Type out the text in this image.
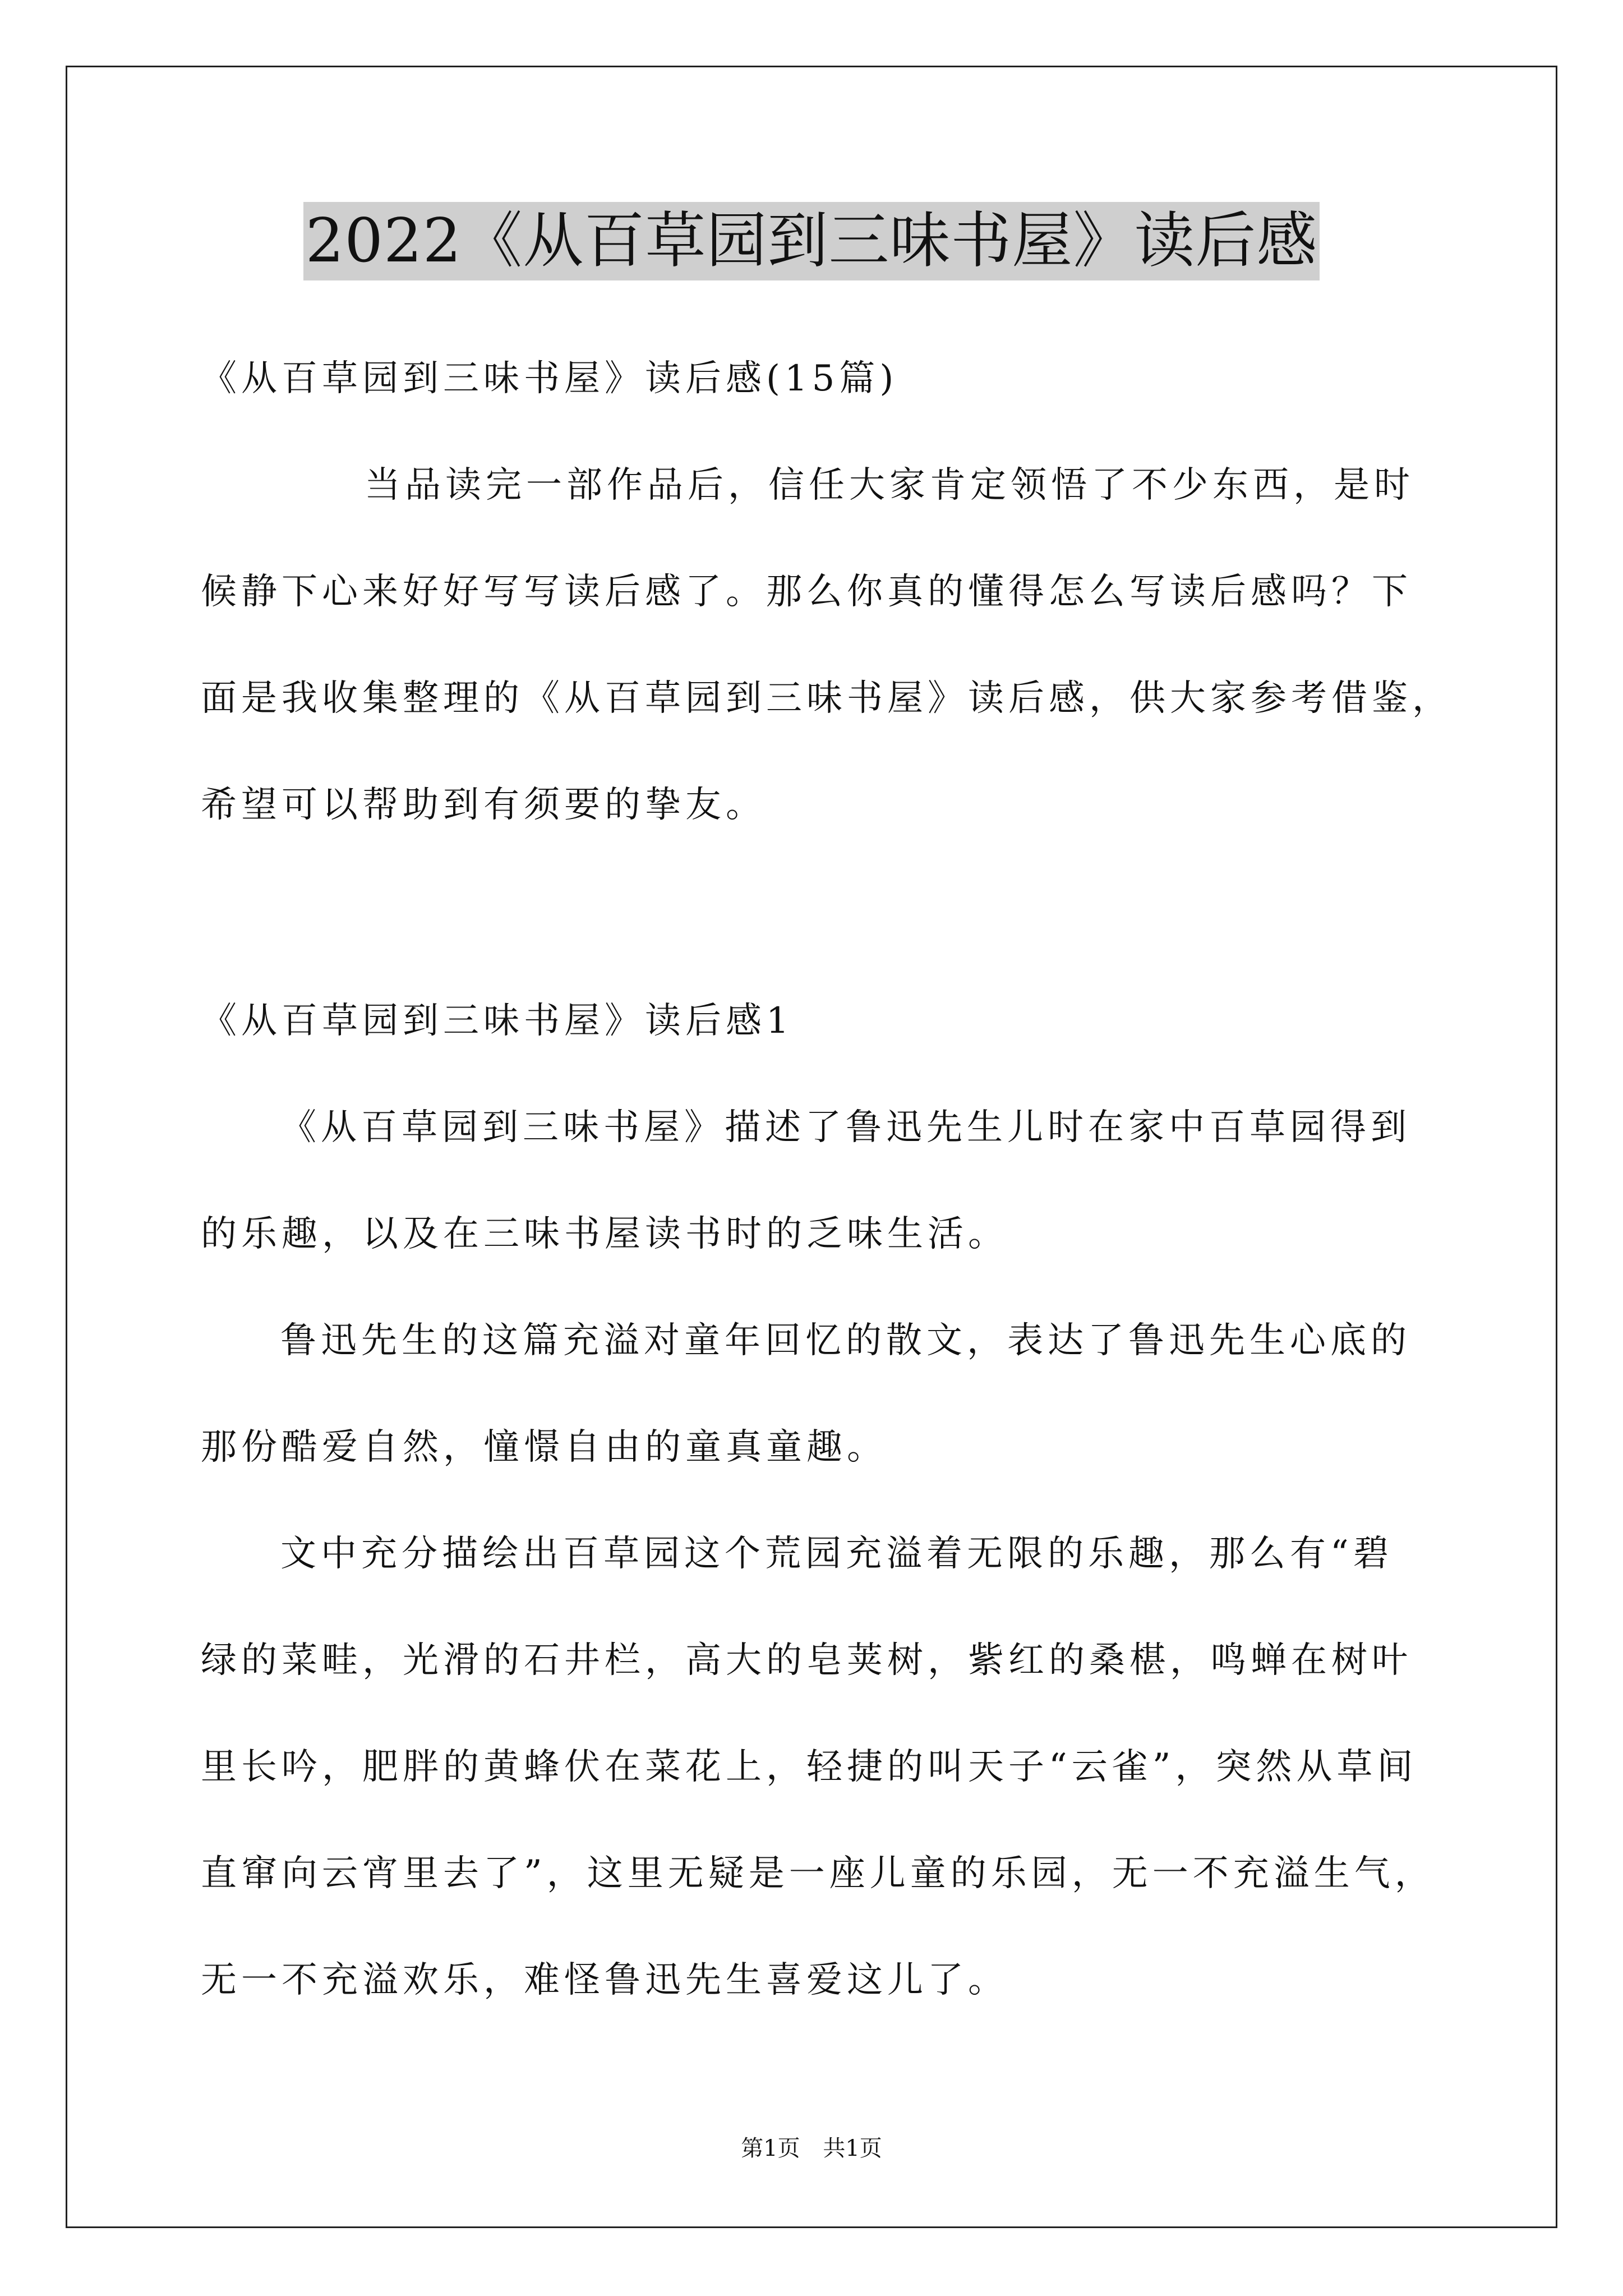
2022《从百草园到三味书屋》读后感
《从百草园到三味书屋》读后感(15篇)
当品读完一部作品后，信任大家肯定领悟了不少东西，是时
候静下心来好好写写读后感了。那么你真的懂得怎么写读后感吗？下
面是我收集整理的《从百草园到三味书屋》读后感，供大家参考借鉴，
希望可以帮助到有须要的挚友。
《从百草园到三味书屋》读后感1
《从百草园到三味书屋》描述了鲁迅先生儿时在家中百草园得到
的乐趣，以及在三味书屋读书时的乏味生活。
鲁迅先生的这篇充溢对童年回忆的散文，表达了鲁迅先生心底的
那份酷爱自然，憧憬自由的童真童趣。
文中充分描绘出百草园这个荒园充溢着无限的乐趣，那么有“碧
绿的菜畦，光滑的石井栏，高大的皂荚树，紫红的桑椹，鸣蝉在树叶
里长吟，肥胖的黄蜂伏在菜花上，轻捷的叫天子“云雀”，突然从草间
直窜向云宵里去了”，这里无疑是一座儿童的乐园，无一不充溢生气，
无一不充溢欢乐，难怪鲁迅先生喜爱这儿了。
第1页 共1页
